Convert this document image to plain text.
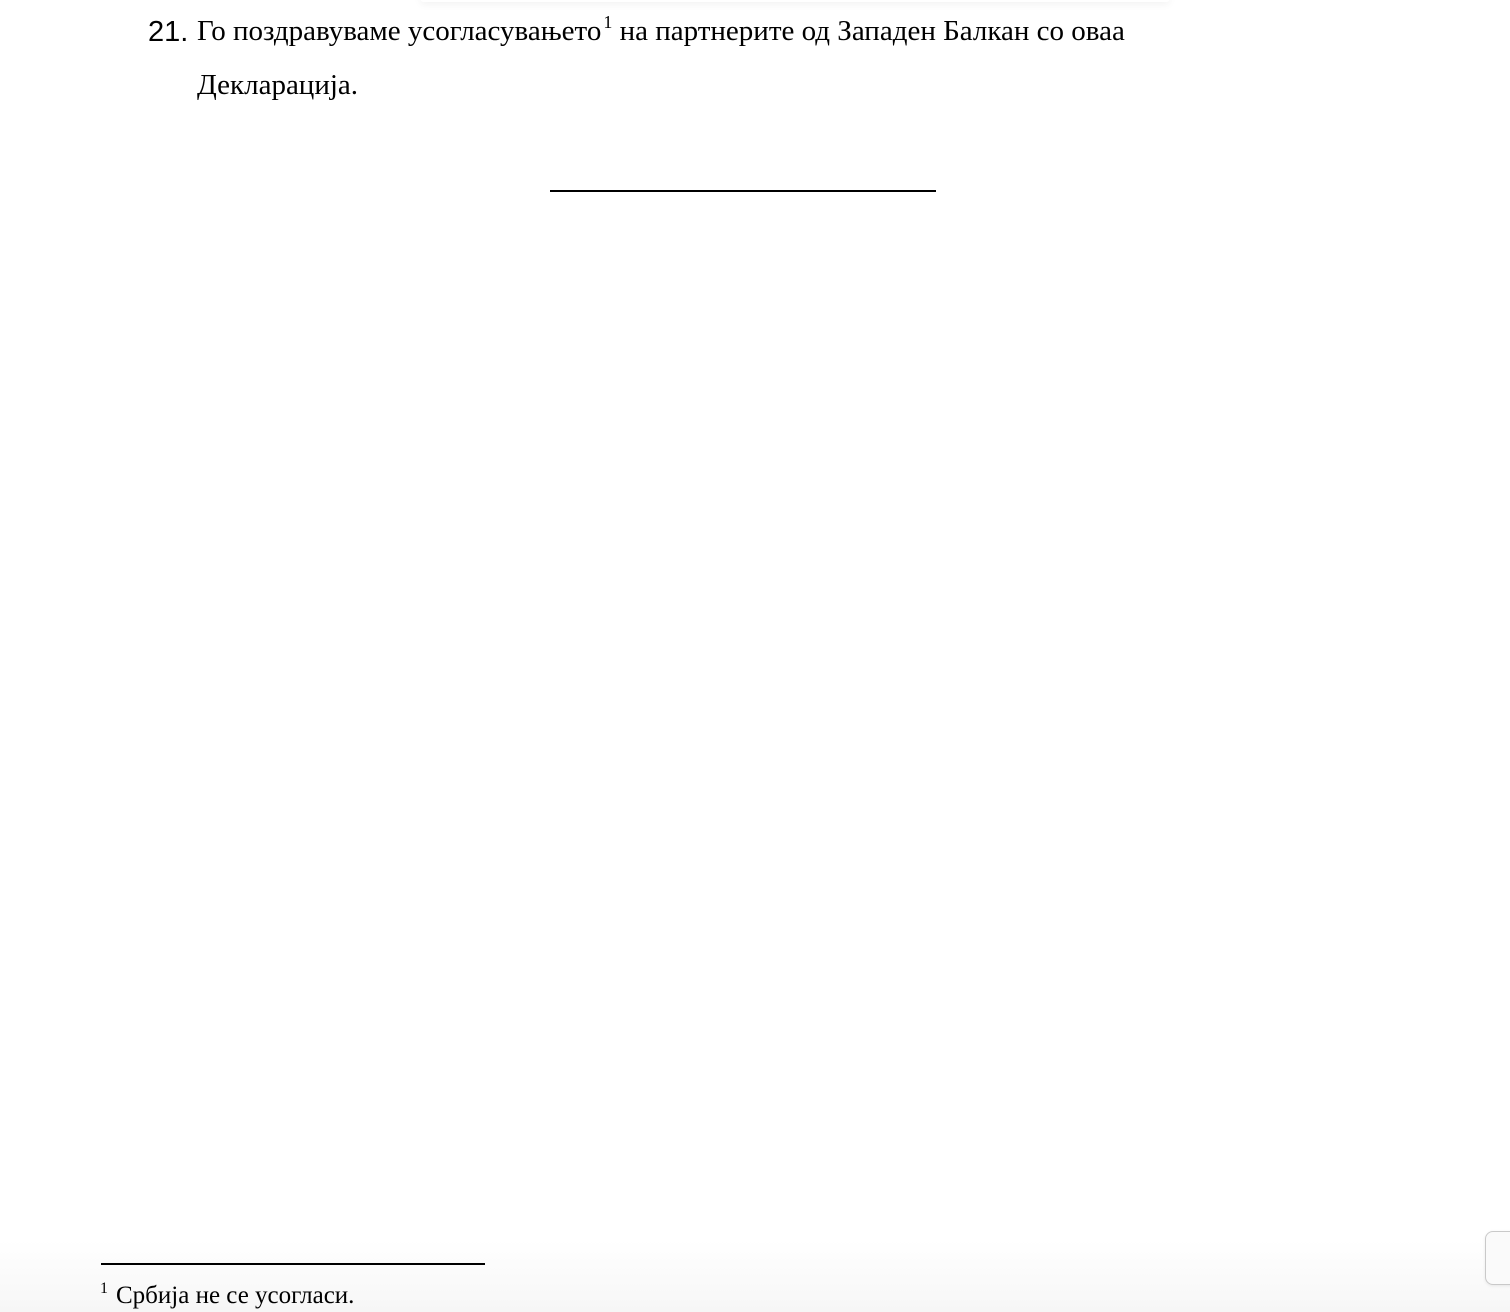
21. Го поздравуваме усогласувањето $^1$ на партнерите од Западен Балкан со оваа
Декларација.
$^1$ Србија не се усогласи.
